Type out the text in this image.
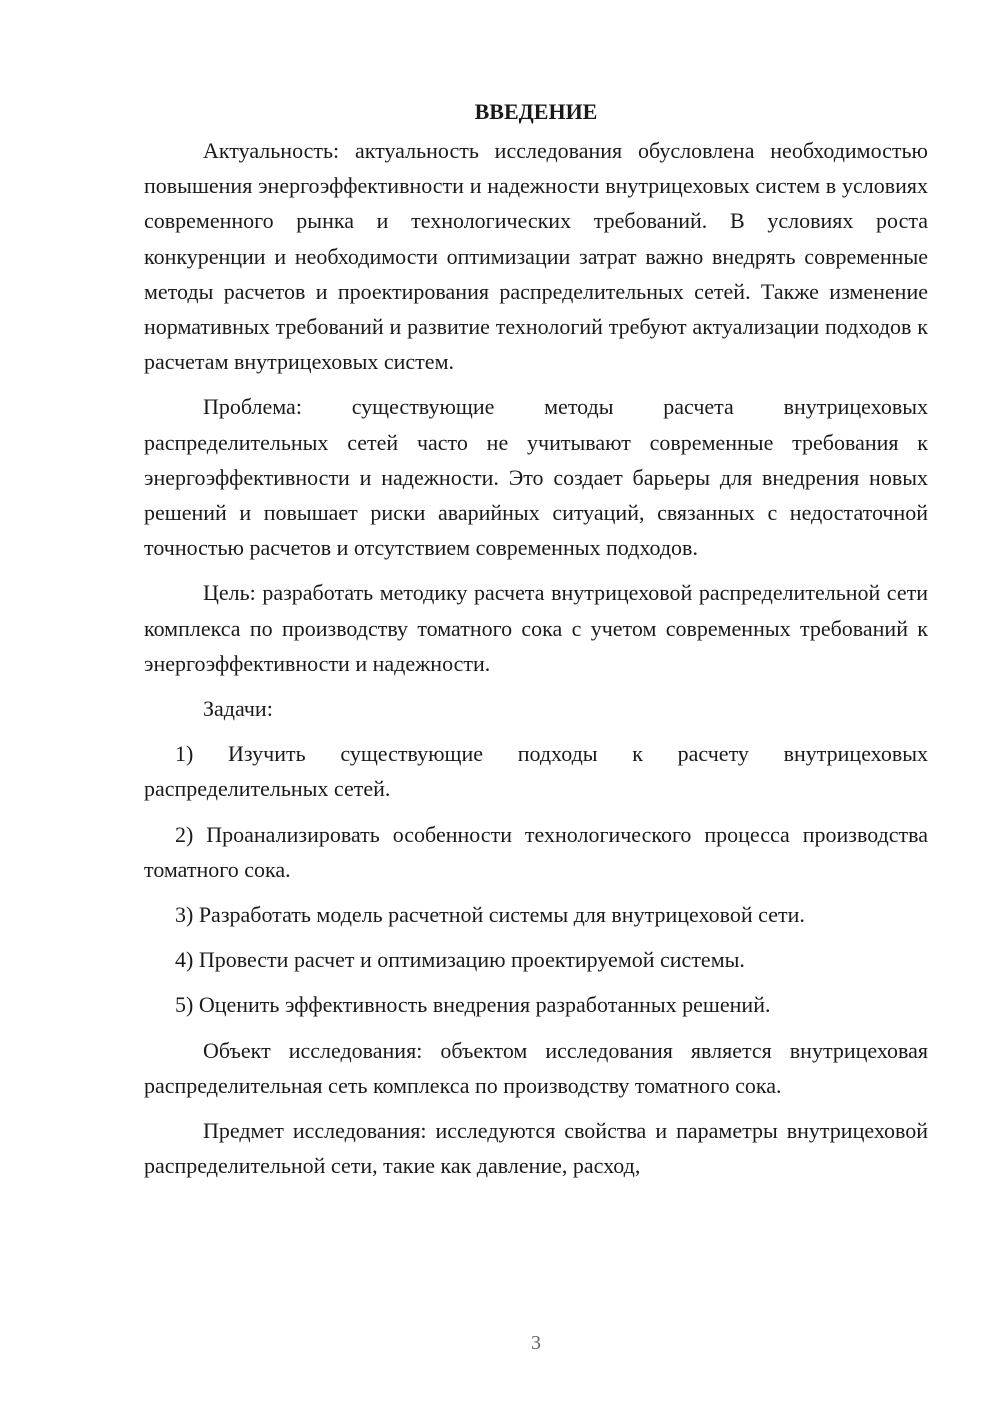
ВВЕДЕНИЕ

Актуальность: актуальность исследования обусловлена необходимостью повышения энергоэффективности и надежности внутрицеховых систем в условиях современного рынка и технологических требований. В условиях роста конкуренции и необходимости оптимизации затрат важно внедрять современные методы расчетов и проектирования распределительных сетей. Также изменение нормативных требований и развитие технологий требуют актуализации подходов к расчетам внутрицеховых систем.

Проблема: существующие методы расчета внутрицеховых распределительных сетей часто не учитывают современные требования к энергоэффективности и надежности. Это создает барьеры для внедрения новых решений и повышает риски аварийных ситуаций, связанных с недостаточной точностью расчетов и отсутствием современных подходов.

Цель: разработать методику расчета внутрицеховой распределительной сети комплекса по производству томатного сока с учетом современных требований к энергоэффективности и надежности.

Задачи:

1) Изучить существующие подходы к расчету внутрицеховых распределительных сетей.

2) Проанализировать особенности технологического процесса производства томатного сока.

3) Разработать модель расчетной системы для внутрицеховой сети.

4) Провести расчет и оптимизацию проектируемой системы.

5) Оценить эффективность внедрения разработанных решений.

Объект исследования: объектом исследования является внутрицеховая распределительная сеть комплекса по производству томатного сока.

Предмет исследования: исследуются свойства и параметры внутрицеховой распределительной сети, такие как давление, расход,

3
